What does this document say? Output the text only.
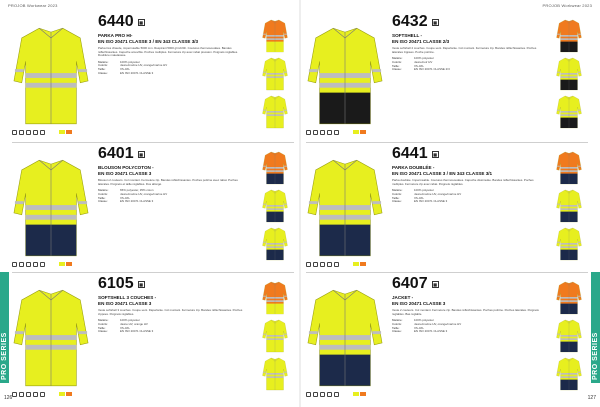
PROJOB Workwear 2023	PROJOB Workwear 2023
PRO SERIES	PRO SERIES
126	127
6440	▦
PARKA PRO HI-
EN ISO 20471 CLASSE 3 / EN 343 CLASSE 3/3
Parka très chaude, imperméable 5000 mm. Respirant 5000 g/m²/24h. Coutures thermosoudées. Bandes réfléchissantes. Capuche amovible. Poches multiples. Fermeture zip avec rabat pression. Poignets réglables. Doublure matelassée.
Matière:	100% polyester
Coloris:	Jaune/marine HV, orange/marine HV
Taille:	XS-4XL
Classe:	EN ISO 20471 CLASSE 3
6401	▦
BLOUSON POLYCOTON -
EN ISO 20471 CLASSE 3
Blouson 2 couleurs. Col montant. Fermeture zip. Bandes réfléchissantes. Poches poitrine avec rabat. Poches latérales. Poignets et taille réglables. Dos allongé.
Matière:	65% polyester, 35% coton
Coloris:	Jaune/marine HV, orange/marine HV
Taille:	XS-4XL
Classe:	EN ISO 20471 CLASSE 3
6105	▦
SOFTSHELL 3 COUCHES -
EN ISO 20471 CLASSE 3
Veste softshell 3 couches. Coupe-vent. Déperlante. Col montant. Fermeture zip. Bandes réfléchissantes. Poches zippées. Poignets réglables.
Matière:	100% polyester
Coloris:	Jaune HV, orange HV
Taille:	XS-4XL
Classe:	EN ISO 20471 CLASSE 3
6432	▦
SOFTSHELL -
EN ISO 20471 CLASSE 2/3
Veste softshell 2 couches. Coupe-vent. Déperlante. Col montant. Fermeture zip. Bandes réfléchissantes. Poches latérales zippées. Poche poitrine.
Matière:	100% polyester
Coloris:	Jaune/noir HV
Taille:	XS-4XL
Classe:	EN ISO 20471 CLASSE 2/3
6441	▦
PARKA DOUBLÉE -
EN ISO 20471 CLASSE 3 / EN 343 CLASSE 3/1
Parka doublée. Imperméable. Coutures thermosoudées. Capuche dissimulée. Bandes réfléchissantes. Poches multiples. Fermeture zip avec rabat. Poignets réglables.
Matière:	100% polyester
Coloris:	Jaune/marine HV, orange/marine HV
Taille:	XS-4XL
Classe:	EN ISO 20471 CLASSE 3
6407	▦
JACKET -
EN ISO 20471 CLASSE 3
Veste 2 couleurs. Col montant. Fermeture zip. Bandes réfléchissantes. Poches poitrine. Poches latérales. Poignets réglables. Bas réglable.
Matière:	100% polyester
Coloris:	Jaune/marine HV, orange/marine HV
Taille:	XS-4XL
Classe:	EN ISO 20471 CLASSE 3
